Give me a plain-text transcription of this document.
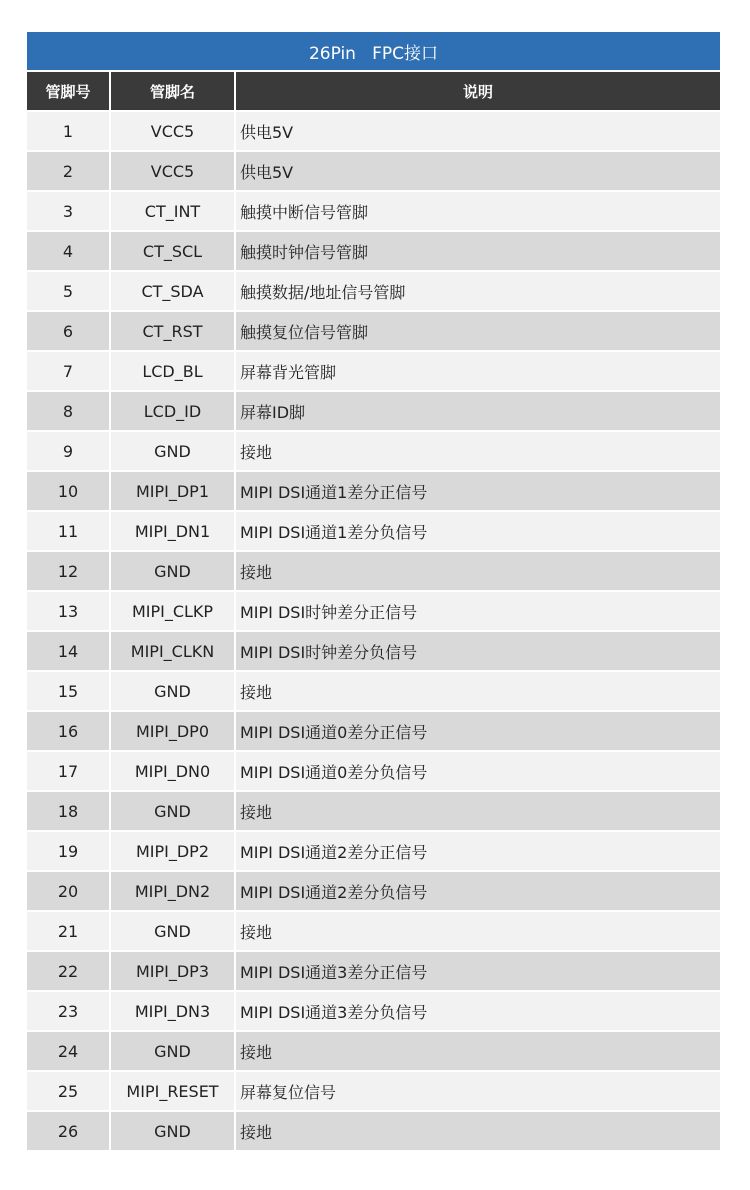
26Pin   FPC接口
管脚号	管脚名	说明
1	VCC5	供电5V
2	VCC5	供电5V
3	CT_INT	触摸中断信号管脚
4	CT_SCL	触摸时钟信号管脚
5	CT_SDA	触摸数据/地址信号管脚
6	CT_RST	触摸复位信号管脚
7	LCD_BL	屏幕背光管脚
8	LCD_ID	屏幕ID脚
9	GND	接地
10	MIPI_DP1	MIPI DSI通道1差分正信号
11	MIPI_DN1	MIPI DSI通道1差分负信号
12	GND	接地
13	MIPI_CLKP	MIPI DSI时钟差分正信号
14	MIPI_CLKN	MIPI DSI时钟差分负信号
15	GND	接地
16	MIPI_DP0	MIPI DSI通道0差分正信号
17	MIPI_DN0	MIPI DSI通道0差分负信号
18	GND	接地
19	MIPI_DP2	MIPI DSI通道2差分正信号
20	MIPI_DN2	MIPI DSI通道2差分负信号
21	GND	接地
22	MIPI_DP3	MIPI DSI通道3差分正信号
23	MIPI_DN3	MIPI DSI通道3差分负信号
24	GND	接地
25	MIPI_RESET	屏幕复位信号
26	GND	接地
